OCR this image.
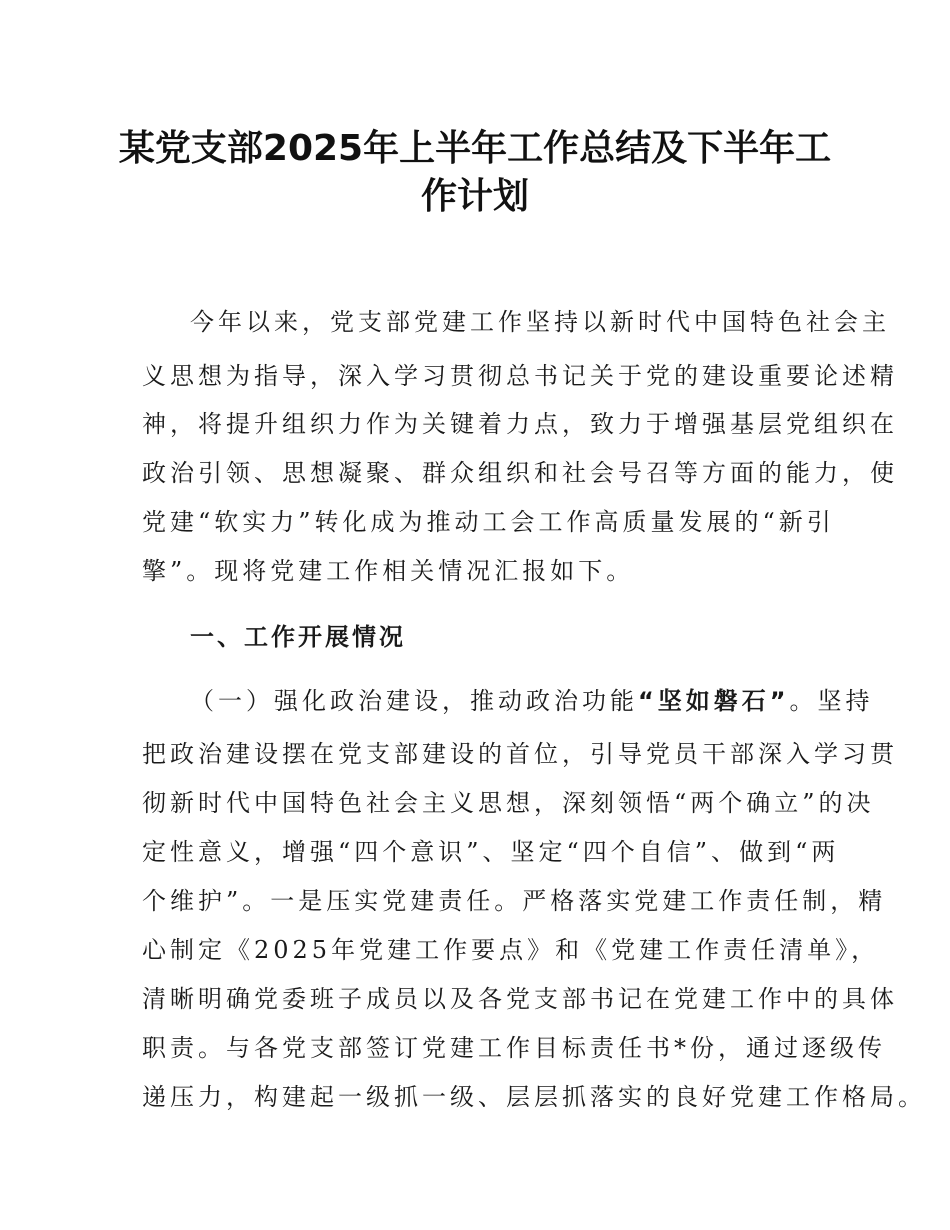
某党支部2025年上半年工作总结及下半年工
作计划
今年以来，党支部党建工作坚持以新时代中国特色社会主
义思想为指导，深入学习贯彻总书记关于党的建设重要论述精
神，将提升组织力作为关键着力点，致力于增强基层党组织在
政治引领、思想凝聚、群众组织和社会号召等方面的能力，使
党建“软实力”转化成为推动工会工作高质量发展的“新引
擎”。现将党建工作相关情况汇报如下。
一、工作开展情况
（一）强化政治建设，推动政治功能“坚如磐石”。坚持
把政治建设摆在党支部建设的首位，引导党员干部深入学习贯
彻新时代中国特色社会主义思想，深刻领悟“两个确立”的决
定性意义，增强“四个意识”、坚定“四个自信”、做到“两
个维护”。一是压实党建责任。严格落实党建工作责任制，精
心制定《2025年党建工作要点》和《党建工作责任清单》，
清晰明确党委班子成员以及各党支部书记在党建工作中的具体
职责。与各党支部签订党建工作目标责任书*份，通过逐级传
递压力，构建起一级抓一级、层层抓落实的良好党建工作格局。
